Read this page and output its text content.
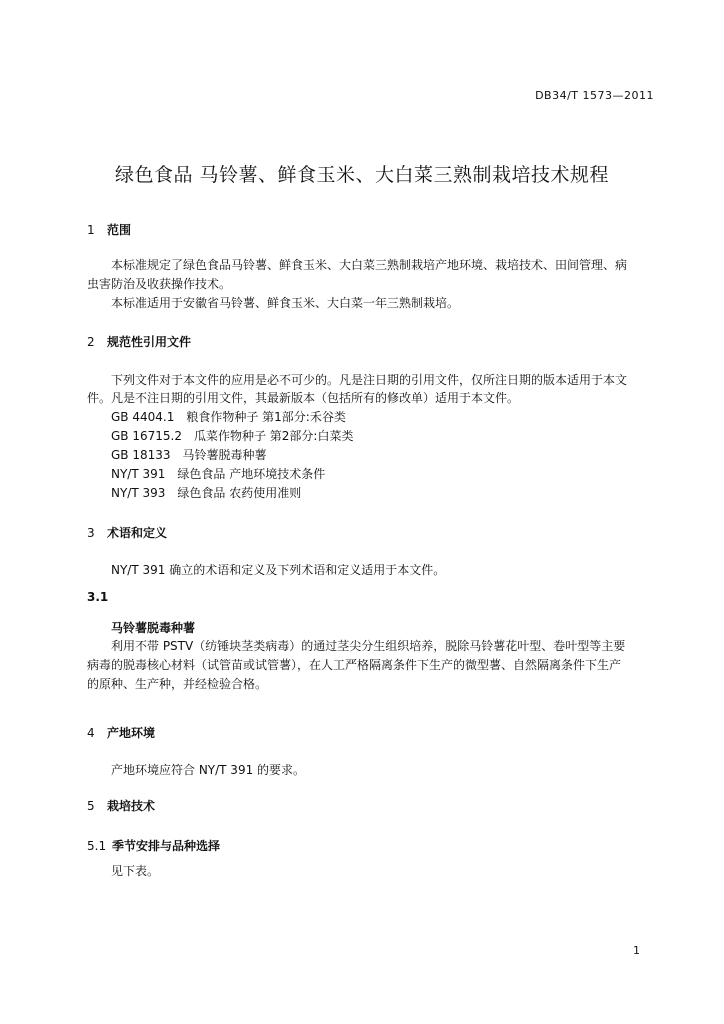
DB34/T 1573—2011
绿色食品 马铃薯、鲜食玉米、大白菜三熟制栽培技术规程
1 范围
本标准规定了绿色食品马铃薯、鲜食玉米、大白菜三熟制栽培产地环境、栽培技术、田间管理、病
虫害防治及收获操作技术。
本标准适用于安徽省马铃薯、鲜食玉米、大白菜一年三熟制栽培。
2 规范性引用文件
下列文件对于本文件的应用是必不可少的。凡是注日期的引用文件，仅所注日期的版本适用于本文
件。凡是不注日期的引用文件，其最新版本（包括所有的修改单）适用于本文件。
GB 4404.1　粮食作物种子 第1部分:禾谷类
GB 16715.2　瓜菜作物种子 第2部分:白菜类
GB 18133　马铃薯脱毒种薯
NY/T 391　绿色食品 产地环境技术条件
NY/T 393　绿色食品 农药使用准则
3 术语和定义
NY/T 391 确立的术语和定义及下列术语和定义适用于本文件。
3.1
马铃薯脱毒种薯
利用不带 PSTV（纺锤块茎类病毒）的通过茎尖分生组织培养，脱除马铃薯花叶型、卷叶型等主要
病毒的脱毒核心材料（试管苗或试管薯），在人工严格隔离条件下生产的微型薯、自然隔离条件下生产
的原种、生产种，并经检验合格。
4 产地环境
产地环境应符合 NY/T 391 的要求。
5 栽培技术
5.1 季节安排与品种选择
见下表。
1
